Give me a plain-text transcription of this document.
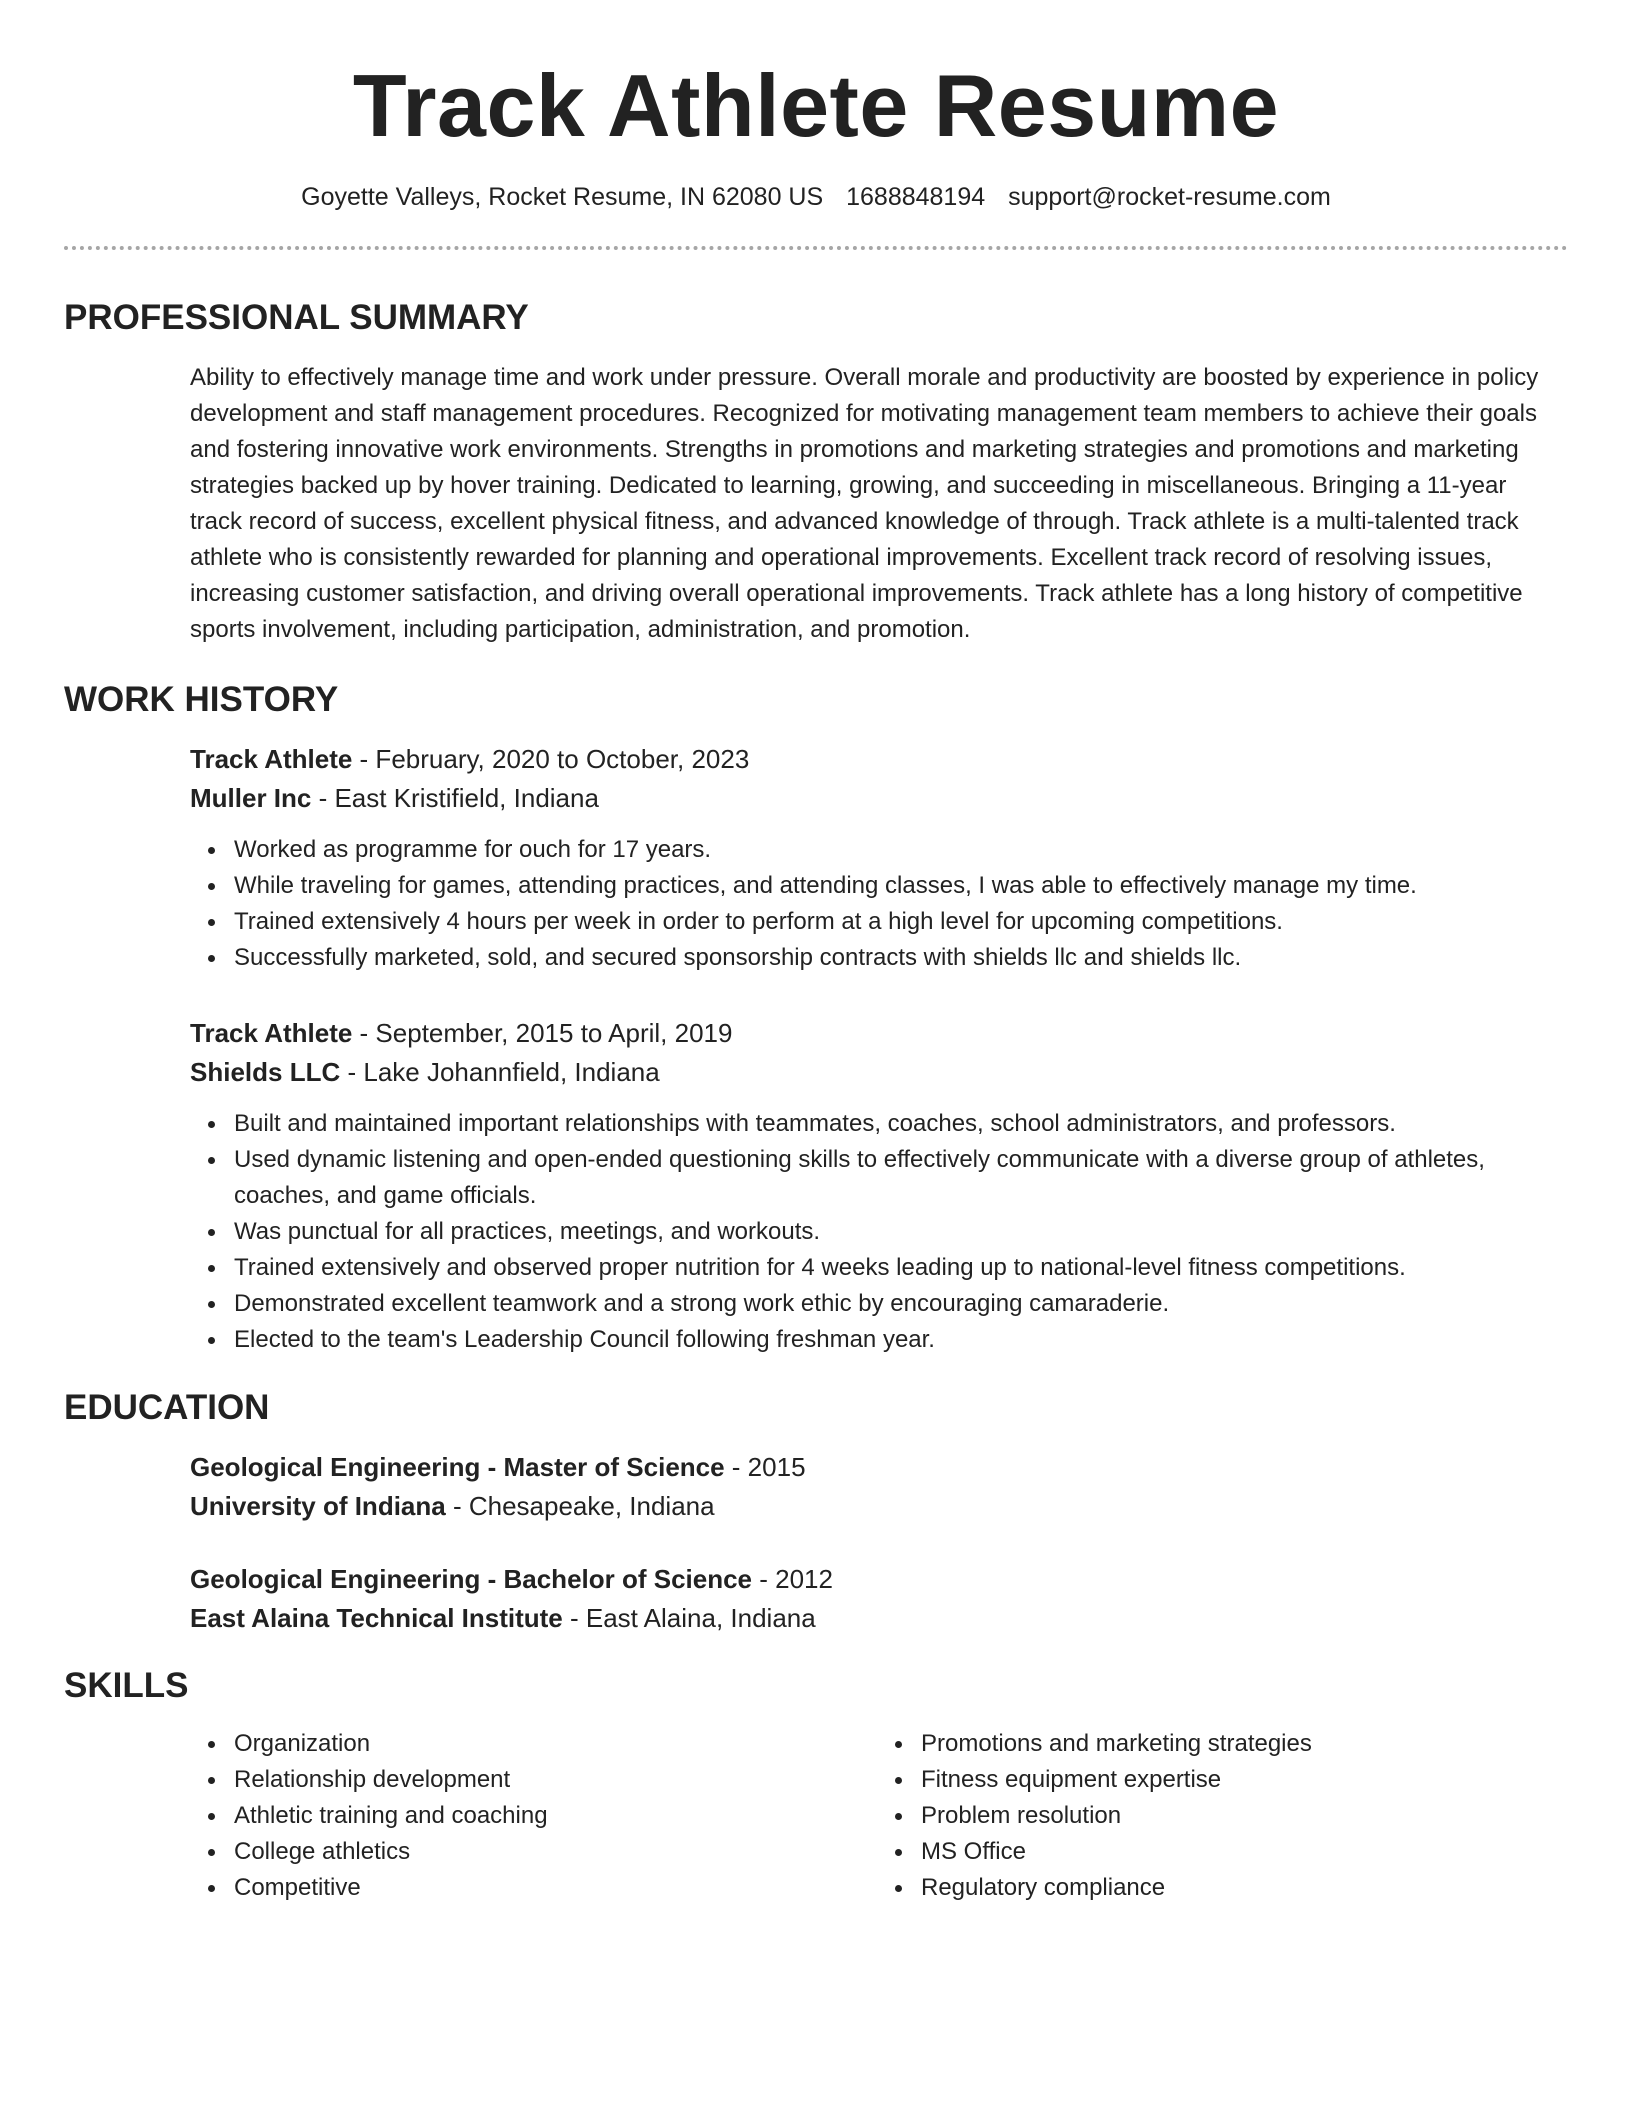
Track Athlete Resume
Goyette Valleys, Rocket Resume, IN 62080 US 1688848194 support@rocket-resume.com
PROFESSIONAL SUMMARY
Ability to effectively manage time and work under pressure. Overall morale and productivity are boosted by experience in policy development and staff management procedures. Recognized for motivating management team members to achieve their goals and fostering innovative work environments. Strengths in promotions and marketing strategies and promotions and marketing strategies backed up by hover training. Dedicated to learning, growing, and succeeding in miscellaneous. Bringing a 11-year track record of success, excellent physical fitness, and advanced knowledge of through. Track athlete is a multi-talented track athlete who is consistently rewarded for planning and operational improvements. Excellent track record of resolving issues, increasing customer satisfaction, and driving overall operational improvements. Track athlete has a long history of competitive sports involvement, including participation, administration, and promotion.
WORK HISTORY
Track Athlete - February, 2020 to October, 2023
Muller Inc - East Kristifield, Indiana
Worked as programme for ouch for 17 years.
While traveling for games, attending practices, and attending classes, I was able to effectively manage my time.
Trained extensively 4 hours per week in order to perform at a high level for upcoming competitions.
Successfully marketed, sold, and secured sponsorship contracts with shields llc and shields llc.
Track Athlete - September, 2015 to April, 2019
Shields LLC - Lake Johannfield, Indiana
Built and maintained important relationships with teammates, coaches, school administrators, and professors.
Used dynamic listening and open-ended questioning skills to effectively communicate with a diverse group of athletes, coaches, and game officials.
Was punctual for all practices, meetings, and workouts.
Trained extensively and observed proper nutrition for 4 weeks leading up to national-level fitness competitions.
Demonstrated excellent teamwork and a strong work ethic by encouraging camaraderie.
Elected to the team's Leadership Council following freshman year.
EDUCATION
Geological Engineering - Master of Science - 2015
University of Indiana - Chesapeake, Indiana
Geological Engineering - Bachelor of Science - 2012
East Alaina Technical Institute - East Alaina, Indiana
SKILLS
Organization
Relationship development
Athletic training and coaching
College athletics
Competitive
Promotions and marketing strategies
Fitness equipment expertise
Problem resolution
MS Office
Regulatory compliance
